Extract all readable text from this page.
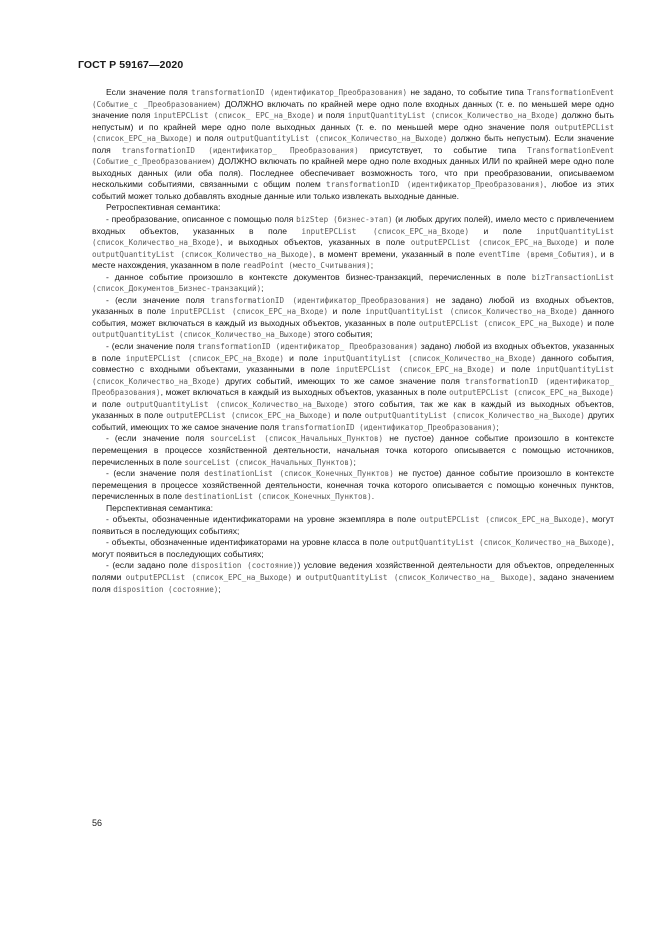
ГОСТ Р 59167—2020

Если значение поля transformationID (идентификатор_Преобразования) не задано, то событие типа TransformationEvent (Событие_с _Преобразованием) ДОЛЖНО включать по крайней мере одно поле входных данных (т. е. по меньшей мере одно значение поля inputEPCList (список_ EPC_на_Входе) и поля inputQuantityList (список_Количество_на_Входе) должно быть непустым) и по крайней мере одно поле выходных данных (т. е. по меньшей мере одно значение поля outputEPCList (список_EPC_на_Выходе) и поля outputQuantityList (список_Количество_на_Выходе) должно быть непустым). Если значение поля transformationID (идентификатор_ Преобразования) присутствует, то событие типа TransformationEvent (Событие_с_Преобразованием) ДОЛЖНО включать по крайней мере одно поле входных данных ИЛИ по крайней мере одно поле выходных данных (или оба поля). Последнее обеспечивает возможность того, что при преобразовании, описываемом несколькими событиями, связанными с общим полем transformationID (идентификатор_Преобразования), любое из этих событий может только добавлять входные данные или только извлекать выходные данные.

Ретроспективная семантика:

- преобразование, описанное с помощью поля bizStep (бизнес-этап) (и любых других полей), имело место с привлечением входных объектов, указанных в поле inputEPCList (список_EPC_на_Входе) и поле inputQuantityList (список_Количество_на_Входе), и выходных объектов, указанных в поле outputEPCList (список_EPC_на_Выходе) и поле outputQuantityList (список_Количество_на_Выходе), в момент времени, указанный в поле eventTime (время_События), и в месте нахождения, указанном в поле readPoint (место_Считывания);

- данное событие произошло в контексте документов бизнес-транзакций, перечисленных в поле bizTransactionList (список_Документов_Бизнес-транзакций);

- (если значение поля transformationID (идентификатор_Преобразования) не задано) любой из входных объектов, указанных в поле inputEPCList (список_EPC_на_Входе) и поле inputQuantityList (список_Количество_на_Входе) данного события, может включаться в каждый из выходных объектов, указанных в поле outputEPCList (список_EPC_на_Выходе) и поле outputQuantityList (список_Количество_на_Выходе) этого события;

- (если значение поля transformationID (идентификатор_ Преобразования) задано) любой из входных объектов, указанных в поле inputEPCList (список_EPC_на_Входе) и поле inputQuantityList (список_Количество_на_Входе) данного события, совместно с входными объектами, указанными в поле inputEPCList (список_EPC_на_Входе) и поле inputQuantityList (список_Количество_на_Входе) других событий, имеющих то же самое значение поля transformationID (идентификатор_ Преобразования), может включаться в каждый из выходных объектов, указанных в поле outputEPCList (список_EPC_на_Выходе) и поле outputQuantityList (список_Количество_на_Выходе) этого события, так же как в каждый из выходных объектов, указанных в поле outputEPCList (список_EPC_на_Выходе) и поле outputQuantityList (список_Количество_на_Выходе) других событий, имеющих то же самое значение поля transformationID (идентификатор_Преобразования);

- (если значение поля sourceList (список_Начальных_Пунктов) не пустое) данное событие произошло в контексте перемещения в процессе хозяйственной деятельности, начальная точка которого описывается с помощью источников, перечисленных в поле sourceList (список_Начальных_Пунктов);

- (если значение поля destinationList (список_Конечных_Пунктов) не пустое) данное событие произошло в контексте перемещения в процессе хозяйственной деятельности, конечная точка которого описывается с помощью конечных пунктов, перечисленных в поле destinationList (список_Конечных_Пунктов).

Перспективная семантика:

- объекты, обозначенные идентификаторами на уровне экземпляра в поле outputEPCList (список_EPC_на_Выходе), могут появиться в последующих событиях;

- объекты, обозначенные идентификаторами на уровне класса в поле outputQuantityList (список_Количество_на_Выходе), могут появиться в последующих событиях;

- (если задано поле disposition (состояние)) условие ведения хозяйственной деятельности для объектов, определенных полями outputEPCList (список_EPC_на_Выходе) и outputQuantityList (список_Количество_на_ Выходе), задано значением поля disposition (состояние);

56
